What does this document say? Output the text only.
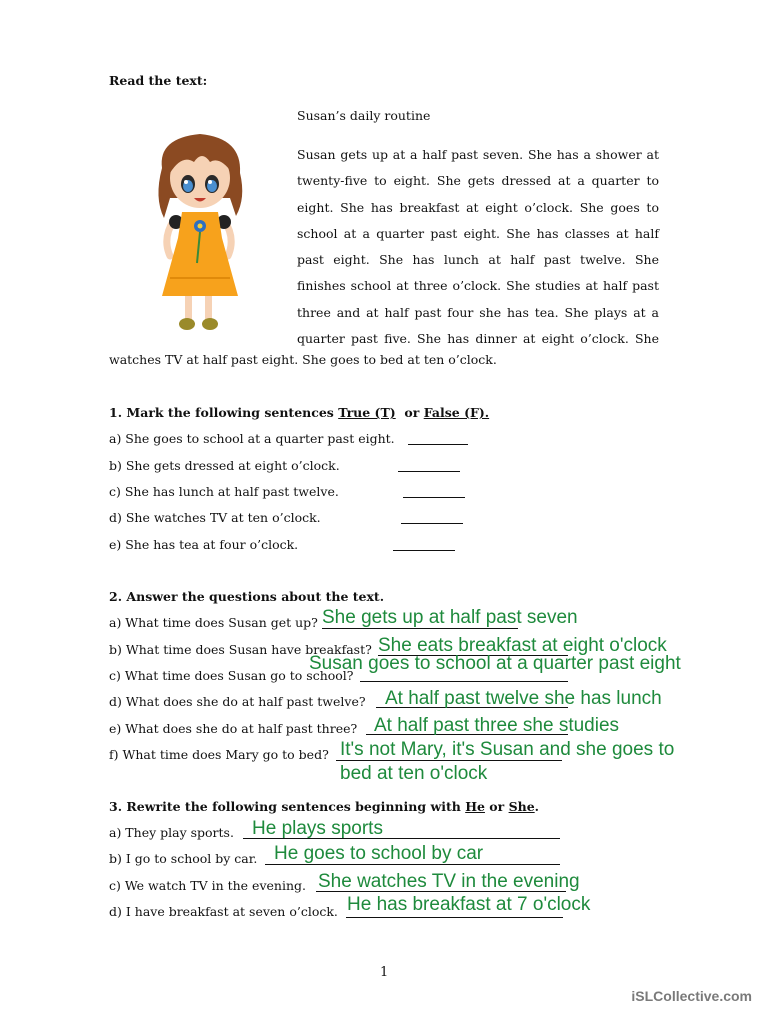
Read the text:
Susan’s daily routine
Susan gets up at a half past seven. She has a shower at
twenty-five to eight. She gets dressed at a quarter to
eight. She has breakfast at eight o’clock. She goes to
school at a quarter past eight. She has classes at half
past eight. She has lunch at half past twelve. She
finishes school at three o’clock. She studies at half past
three and at half past four she has tea. She plays at a
quarter past five. She has dinner at eight o’clock. She
watches TV at half past eight. She goes to bed at ten o’clock.
1. Mark the following sentences True (T)  or False (F).
a) She goes to school at a quarter past eight.
b) She gets dressed at eight o’clock.
c) She has lunch at half past twelve.
d) She watches TV at ten o’clock.
e) She has tea at four o’clock.
2. Answer the questions about the text.
a) What time does Susan get up?
b) What time does Susan have breakfast?
c) What time does Susan go to school?
d) What does she do at half past twelve?
e) What does she do at half past three?
f) What time does Mary go to bed?
She gets up at half past seven
She eats breakfast at eight o'clock
Susan goes to school at a quarter past eight
At half past twelve she has lunch
At half past three she studies
It's not Mary, it's Susan and she goes to
bed at ten o'clock
3. Rewrite the following sentences beginning with He or She.
a) They play sports.
b) I go to school by car.
c) We watch TV in the evening.
d) I have breakfast at seven o’clock.
He plays sports
He goes to school by car
She watches TV in the evening
He has breakfast at 7 o'clock
1
iSLCollective.com
